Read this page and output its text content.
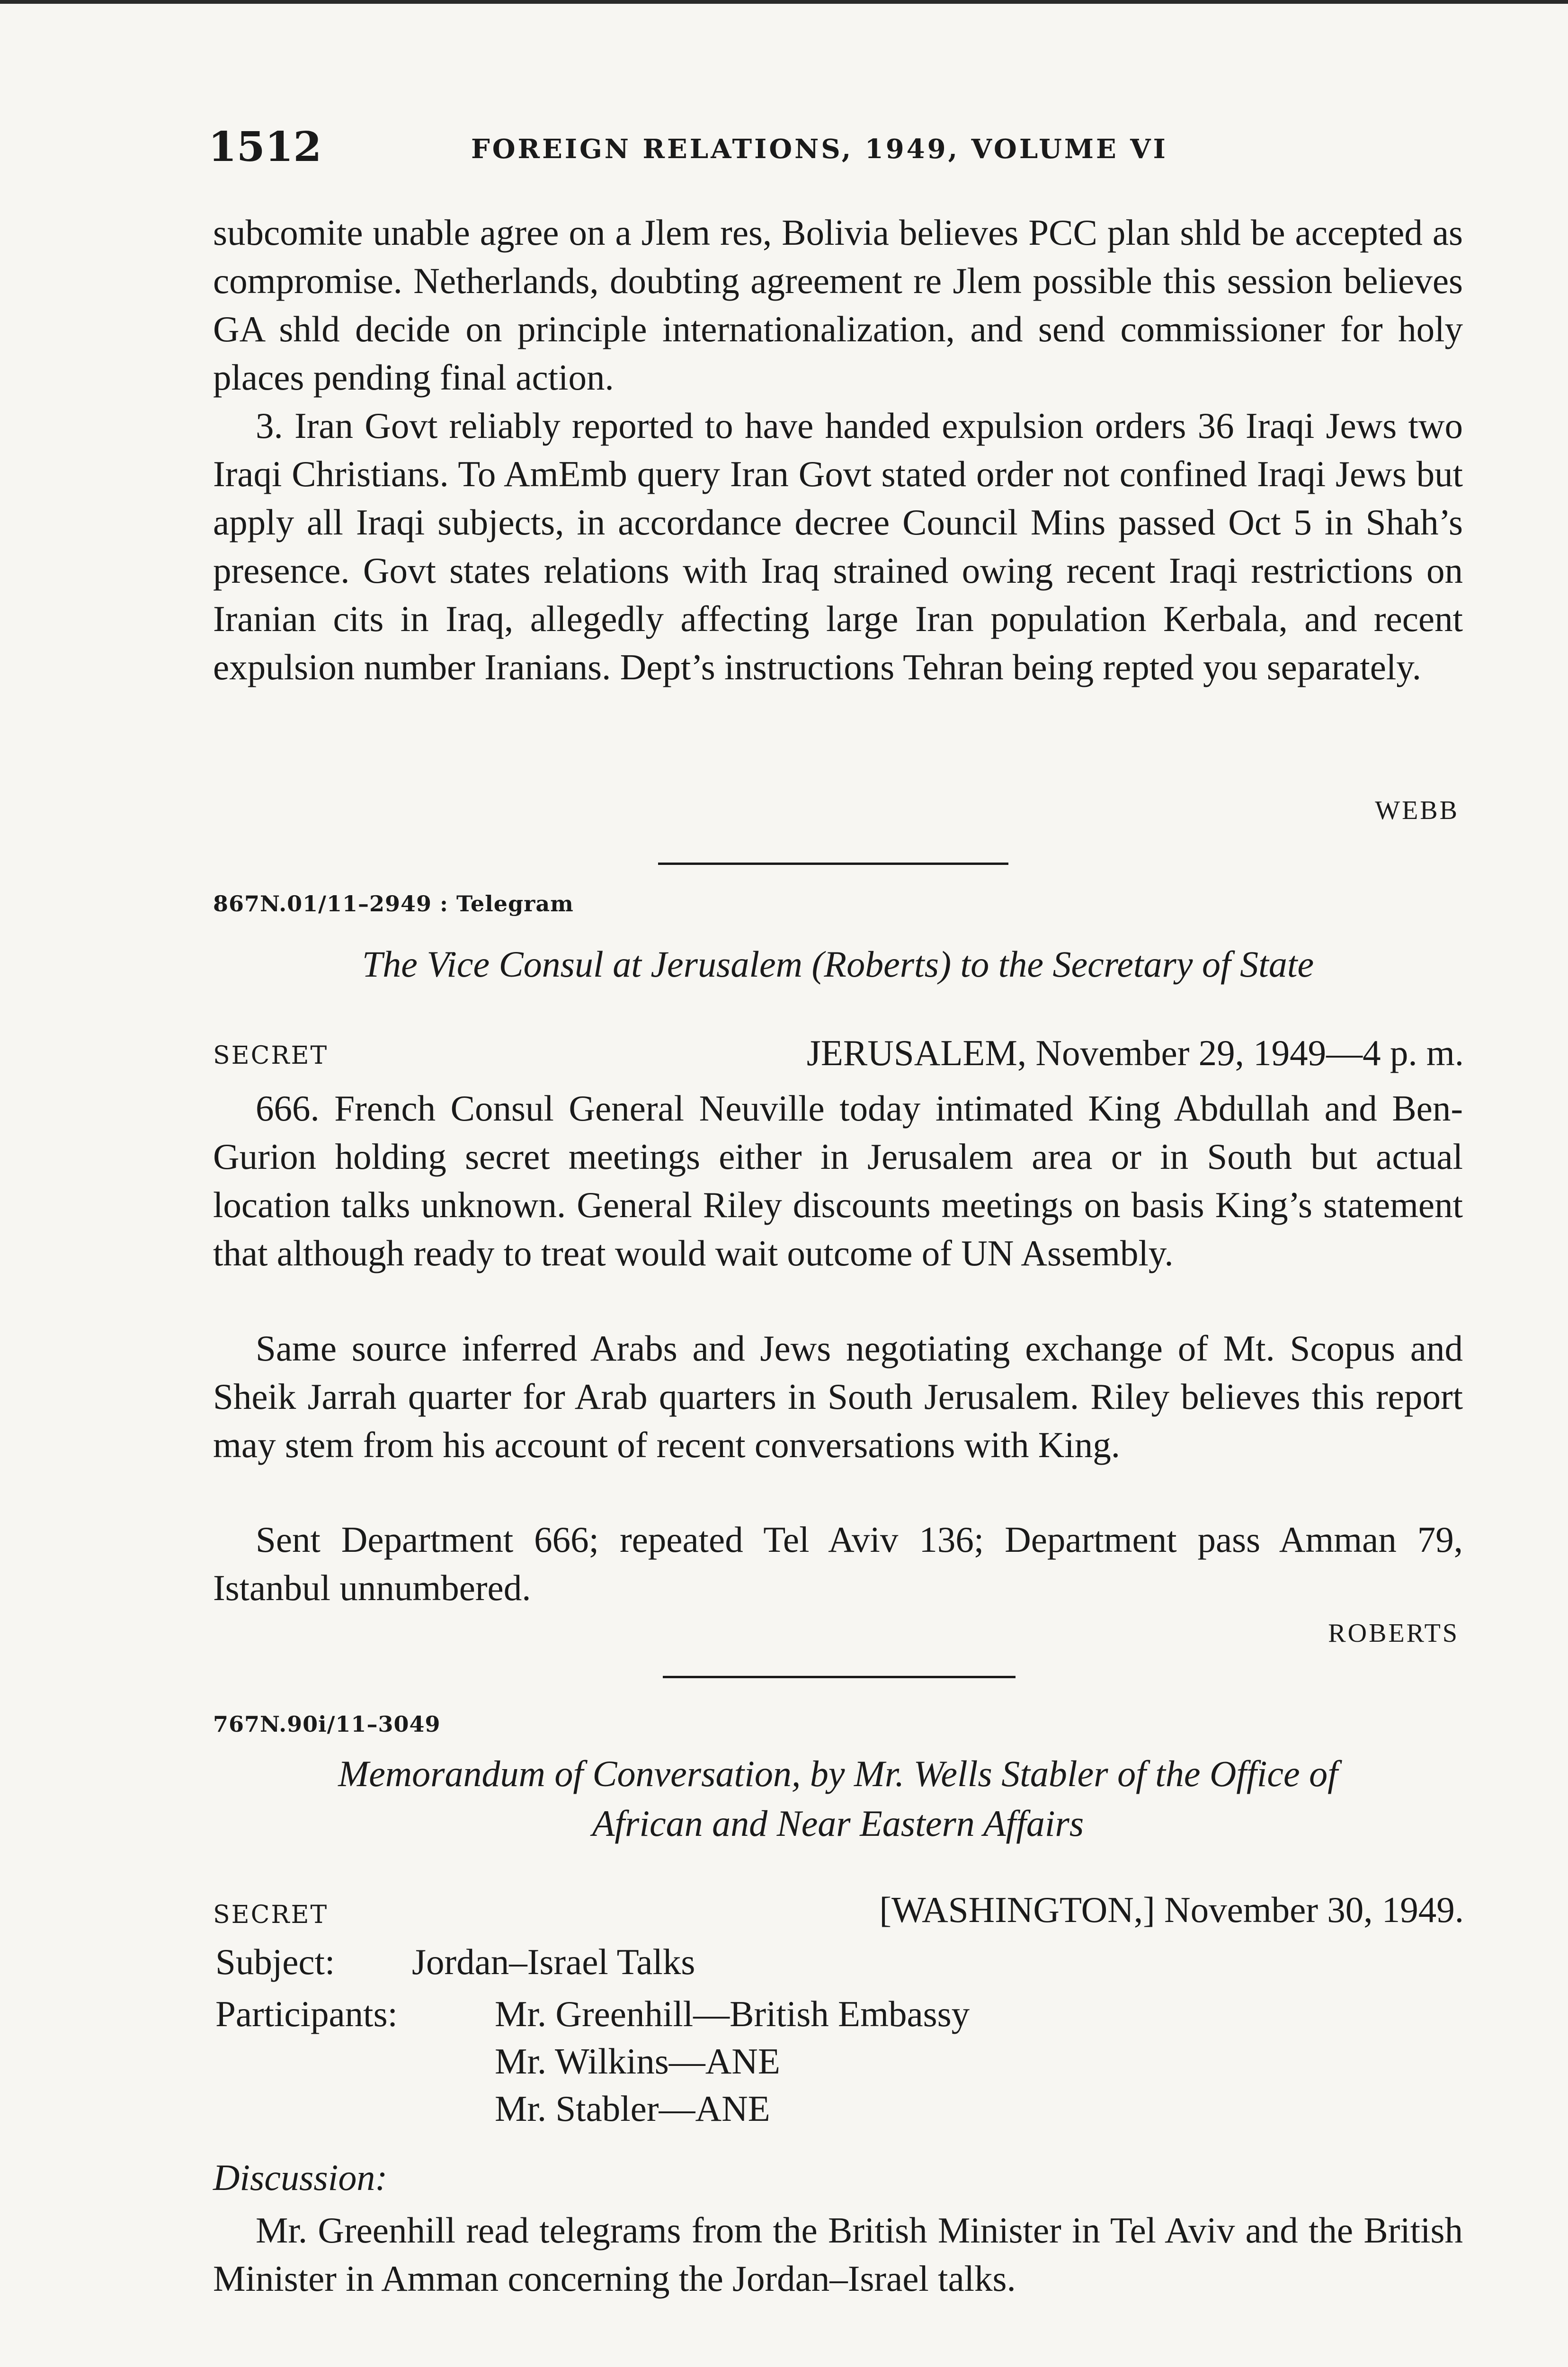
1512	FOREIGN RELATIONS, 1949, VOLUME VI

subcomite unable agree on a Jlem res, Bolivia believes PCC plan shld be accepted as compromise. Netherlands, doubting agreement re Jlem possible this session believes GA shld decide on principle internationalization, and send commissioner for holy places pending final action.

3. Iran Govt reliably reported to have handed expulsion orders 36 Iraqi Jews two Iraqi Christians. To AmEmb query Iran Govt stated order not confined Iraqi Jews but apply all Iraqi subjects, in accordance decree Council Mins passed Oct 5 in Shah’s presence. Govt states relations with Iraq strained owing recent Iraqi restrictions on Iranian cits in Iraq, allegedly affecting large Iran population Kerbala, and recent expulsion number Iranians. Dept’s instructions Tehran being repted you separately.

WEBB
867N.01/11–2949 : Telegram

The Vice Consul at Jerusalem (Roberts) to the Secretary of State

SECRET	JERUSALEM, November 29, 1949—4 p. m.

666. French Consul General Neuville today intimated King Abdullah and Ben-Gurion holding secret meetings either in Jerusalem area or in South but actual location talks unknown. General Riley discounts meetings on basis King’s statement that although ready to treat would wait outcome of UN Assembly.

Same source inferred Arabs and Jews negotiating exchange of Mt. Scopus and Sheik Jarrah quarter for Arab quarters in South Jerusalem. Riley believes this report may stem from his account of recent conversations with King.

Sent Department 666; repeated Tel Aviv 136; Department pass Amman 79, Istanbul unnumbered.

ROBERTS
767N.90i/11–3049

Memorandum of Conversation, by Mr. Wells Stabler of the Office of

African and Near Eastern Affairs

SECRET	[WASHINGTON,] November 30, 1949.
Subject: Jordan–Israel Talks
Participants:	Mr. Greenhill—British Embassy
Mr. Wilkins—ANE
Mr. Stabler—ANE
Discussion:

Mr. Greenhill read telegrams from the British Minister in Tel Aviv and the British Minister in Amman concerning the Jordan–Israel talks.
